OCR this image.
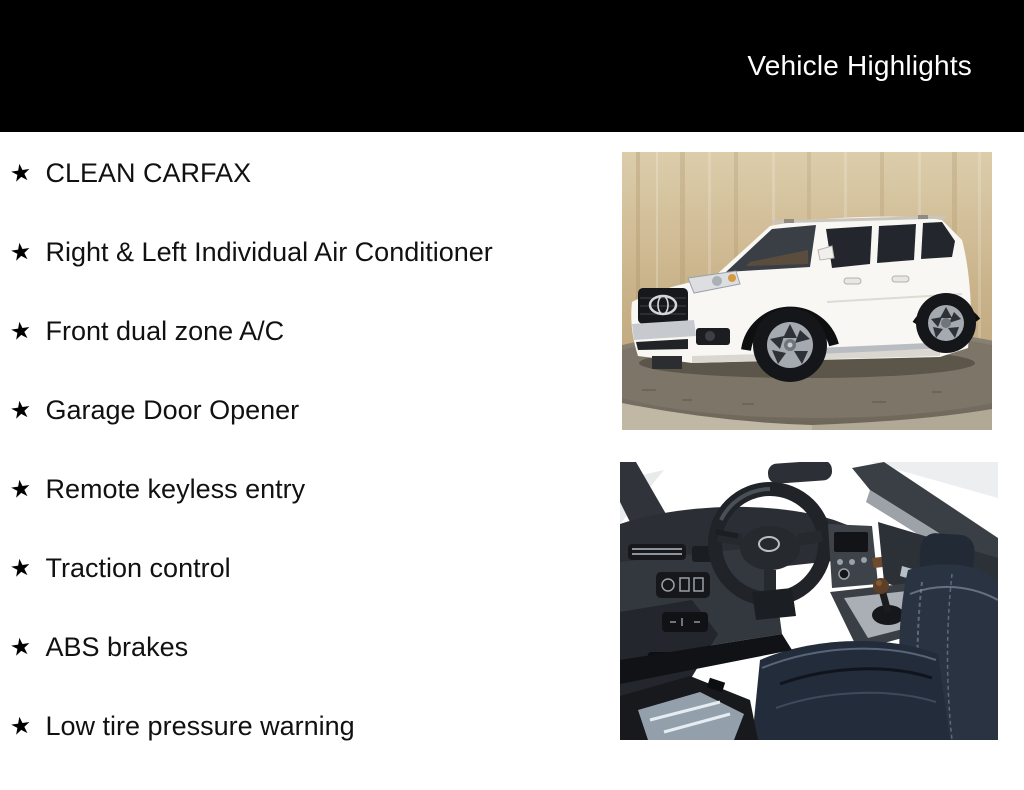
Vehicle Highlights
★ CLEAN CARFAX
★ Right & Left Individual Air Conditioner
★ Front dual zone A/C
★ Garage Door Opener
★ Remote keyless entry
★ Traction control
★ ABS brakes
★ Low tire pressure warning
